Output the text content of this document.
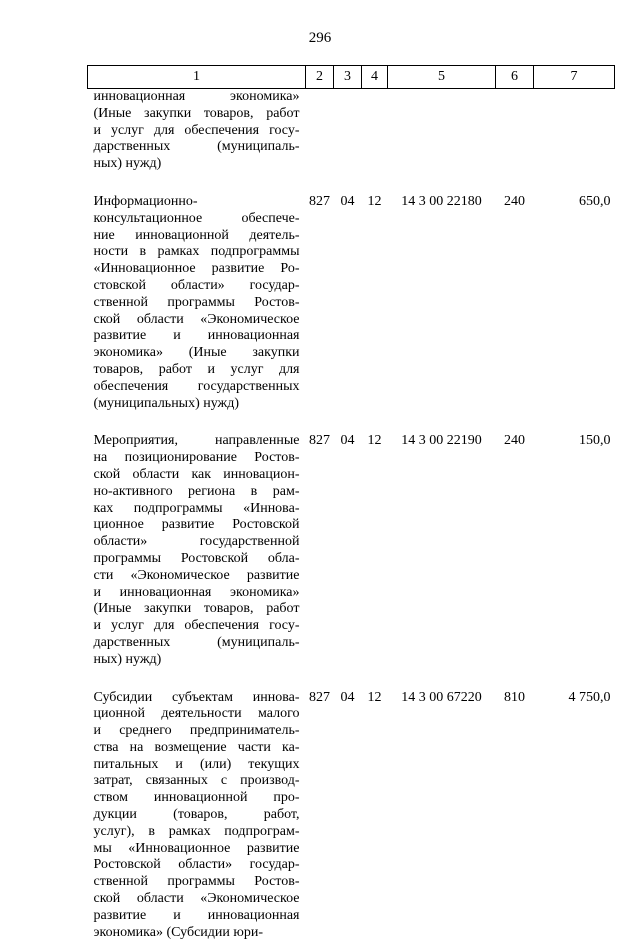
296
1	2	3	4	5	6	7
инновационная экономика»						
(Иные закупки товаров, работ						
и услуг для обеспечения госу-						
дарственных (муниципаль-						
ных) нужд)						
Информационно-	827	04	12	14 3 00 22180	240	650,0
консультационное обеспече-						
ние инновационной деятель-						
ности в рамках подпрограммы						
«Инновационное развитие Ро-						
стовской области» государ-						
ственной программы Ростов-						
ской области «Экономическое						
развитие и инновационная						
экономика» (Иные закупки						
товаров, работ и услуг для						
обеспечения государственных						
(муниципальных) нужд)						
Мероприятия, направленные	827	04	12	14 3 00 22190	240	150,0
на позиционирование Ростов-						
ской области как инновацион-						
но-активного региона в рам-						
ках подпрограммы «Иннова-						
ционное развитие Ростовской						
области» государственной						
программы Ростовской обла-						
сти «Экономическое развитие						
и инновационная экономика»						
(Иные закупки товаров, работ						
и услуг для обеспечения госу-						
дарственных (муниципаль-						
ных) нужд)						
Субсидии субъектам иннова-	827	04	12	14 3 00 67220	810	4 750,0
ционной деятельности малого						
и среднего предприниматель-						
ства на возмещение части ка-						
питальных и (или) текущих						
затрат, связанных с производ-						
ством инновационной про-						
дукции (товаров, работ,						
услуг), в рамках подпрограм-						
мы «Инновационное развитие						
Ростовской области» государ-						
ственной программы Ростов-						
ской области «Экономическое						
развитие и инновационная						
экономика» (Субсидии юри-						
